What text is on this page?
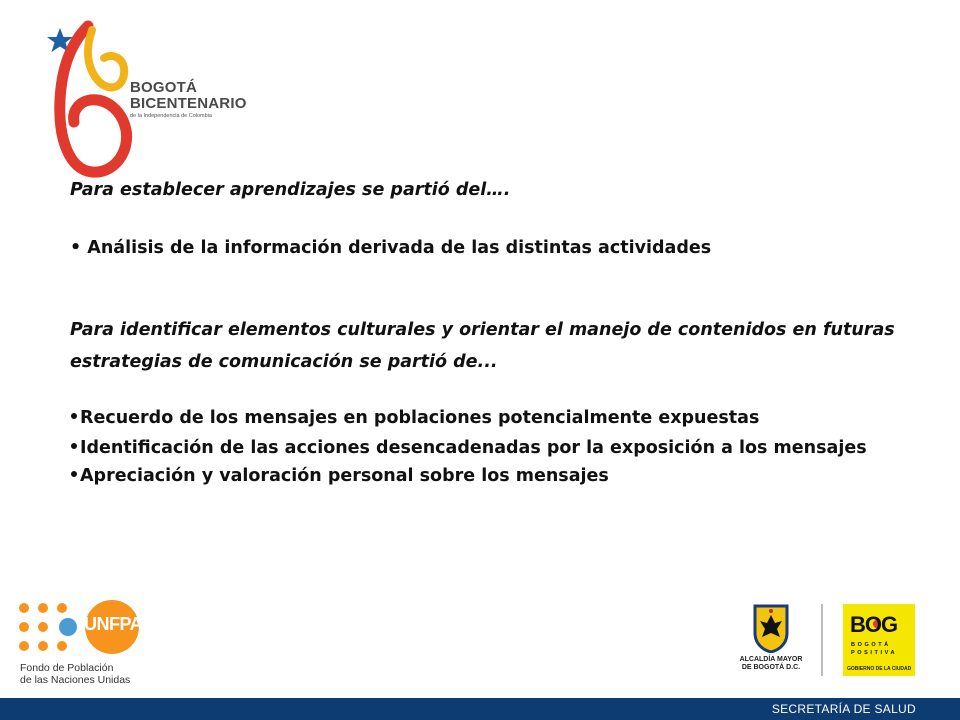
BOGOTÁ
BICENTENARIO
de la Independencia de Colombia
Para establecer aprendizajes se partió del….
• Análisis de la información derivada de las distintas actividades
Para identificar elementos culturales y orientar el manejo de contenidos en futuras
estrategias de comunicación se partió de...
Recuerdo de los mensajes en poblaciones potencialmente expuestas
Identificación de las acciones desencadenadas por la exposición a los mensajes
Apreciación y valoración personal sobre los mensajes
UNFPA
Fondo de Población
de las Naciones Unidas
ALCALDÍA MAYOR
DE BOGOTÁ D.C.
BOG
BOGOTÁ
POSITIVA
GOBIERNO DE LA CIUDAD
SECRETARÍA DE SALUD
